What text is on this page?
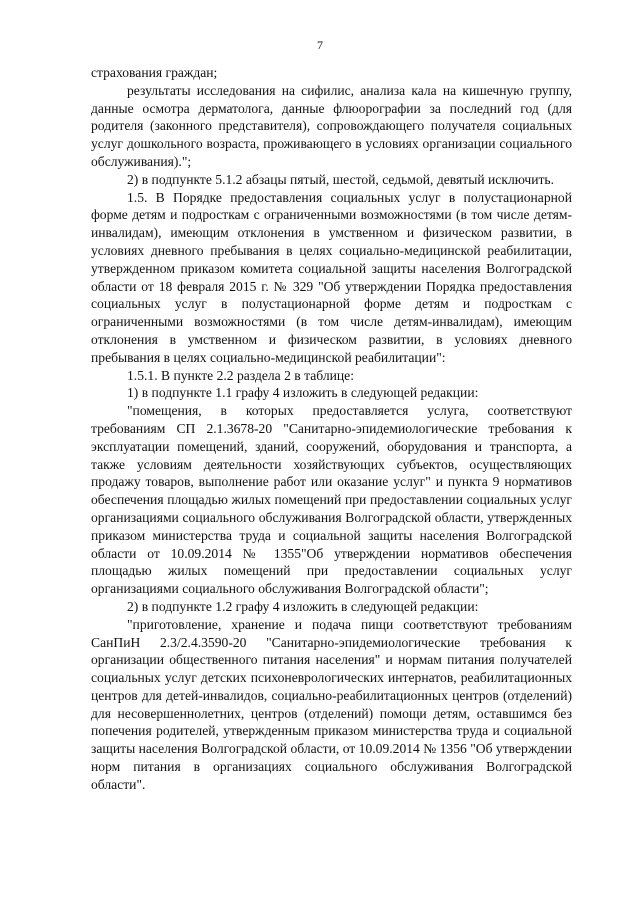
7

страхования граждан;

результаты исследования на сифилис, анализа кала на кишечную группу, данные осмотра дерматолога, данные флюорографии за последний год (для родителя (законного представителя), сопровождающего получателя социальных услуг дошкольного возраста, проживающего в условиях организации социального обслуживания).";

2) в подпункте 5.1.2 абзацы пятый, шестой, седьмой, девятый исключить.

1.5. В Порядке предоставления социальных услуг в полустационарной форме детям и подросткам с ограниченными возможностями (в том числе детям-инвалидам), имеющим отклонения в умственном и физическом развитии, в условиях дневного пребывания в целях социально-медицинской реабилитации, утвержденном приказом комитета социальной защиты населения Волгоградской области от 18 февраля 2015 г. № 329 "Об утверждении Порядка предоставления социальных услуг в полустационарной форме детям и подросткам с ограниченными возможностями (в том числе детям-инвалидам), имеющим отклонения в умственном и физическом развитии, в условиях дневного пребывания в целях социально-медицинской реабилитации":

1.5.1. В пункте 2.2 раздела 2 в таблице:

1) в подпункте 1.1 графу 4 изложить в следующей редакции:

"помещения, в которых предоставляется услуга, соответствуют требованиям СП 2.1.3678-20 "Санитарно-эпидемиологические требования к эксплуатации помещений, зданий, сооружений, оборудования и транспорта, а также условиям деятельности хозяйствующих субъектов, осуществляющих продажу товаров, выполнение работ или оказание услуг" и пункта 9 нормативов обеспечения площадью жилых помещений при предоставлении социальных услуг организациями социального обслуживания Волгоградской области, утвержденных приказом министерства труда и социальной защиты населения Волгоградской области от 10.09.2014 № 1355"Об утверждении нормативов обеспечения площадью жилых помещений при предоставлении социальных услуг организациями социального обслуживания Волгоградской области";

2) в подпункте 1.2 графу 4 изложить в следующей редакции:

"приготовление, хранение и подача пищи соответствуют требованиям СанПиН 2.3/2.4.3590-20 "Санитарно-эпидемиологические требования к организации общественного питания населения" и нормам питания получателей социальных услуг детских психоневрологических интернатов, реабилитационных центров для детей-инвалидов, социально-реабилитационных центров (отделений) для несовершеннолетних, центров (отделений) помощи детям, оставшимся без попечения родителей, утвержденным приказом министерства труда и социальной защиты населения Волгоградской области, от 10.09.2014 № 1356 "Об утверждении норм питания в организациях социального обслуживания Волгоградской области".
